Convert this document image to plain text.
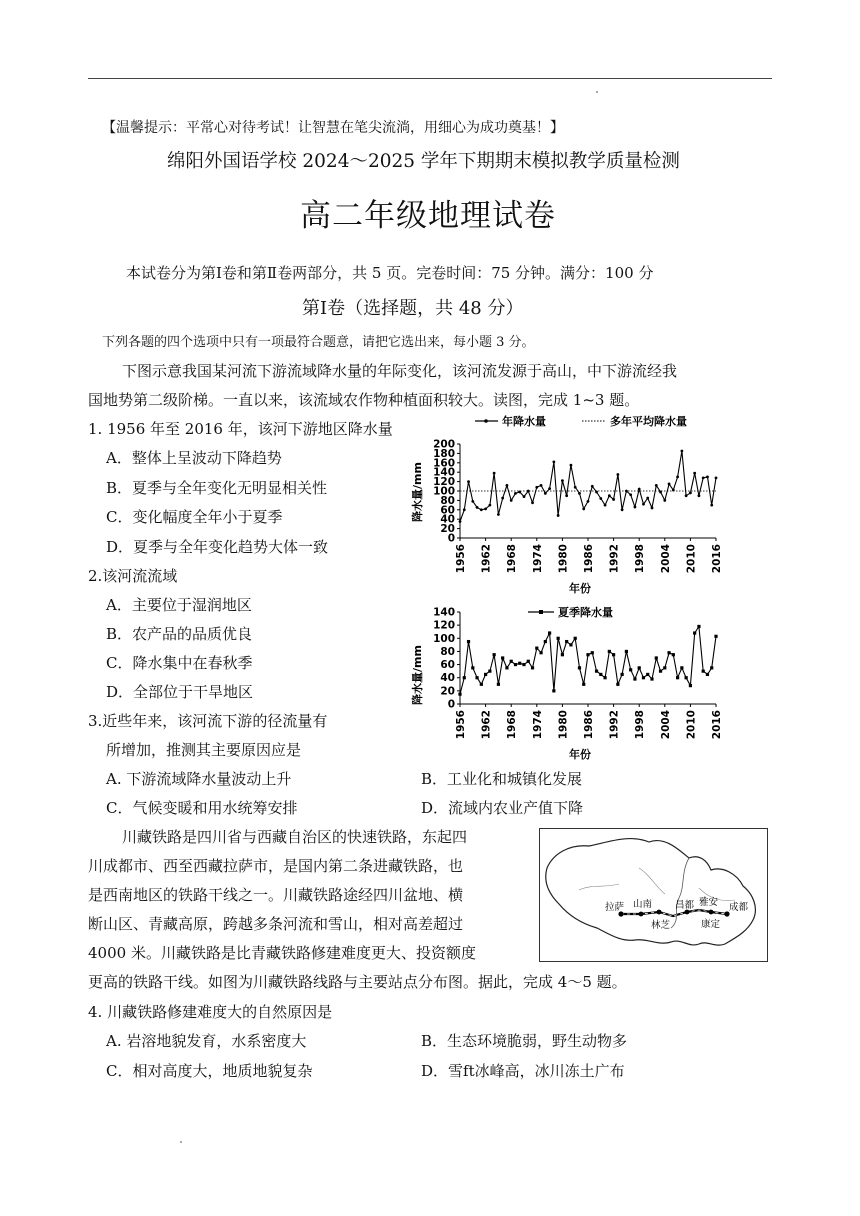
【温馨提示：平常心对待考试！让智慧在笔尖流淌，用细心为成功奠基！】
绵阳外国语学校 2024～2025 学年下期期末模拟教学质量检测
高二年级地理试卷
本试卷分为第Ⅰ卷和第Ⅱ卷两部分，共 5 页。完卷时间：75 分钟。满分：100 分
第Ⅰ卷（选择题，共 48 分）
下列各题的四个选项中只有一项最符合题意，请把它选出来，每小题 3 分。
下图示意我国某河流下游流域降水量的年际变化，该河流发源于高山，中下游流经我
国地势第二级阶梯。一直以来，该流域农作物种植面积较大。读图，完成 1~3 题。
1. 1956 年至 2016 年，该河下游地区降水量
A．整体上呈波动下降趋势
B．夏季与全年变化无明显相关性
C．变化幅度全年小于夏季
D．夏季与全年变化趋势大体一致
2.该河流流域
A．主要位于湿润地区
B．农产品的品质优良
C．降水集中在春秋季
D．全部位于干旱地区
3.近些年来，该河流下游的径流量有
所增加，推测其主要原因应是
A. 下游流域降水量波动上升	B．工业化和城镇化发展
C．气候变暖和用水统筹安排	D．流域内农业产值下降
川藏铁路是四川省与西藏自治区的快速铁路，东起四
川成都市、西至西藏拉萨市，是国内第二条进藏铁路，也
是西南地区的铁路干线之一。川藏铁路途经四川盆地、横
断山区、青藏高原，跨越多条河流和雪山，相对高差超过
4000 米。川藏铁路是比青藏铁路修建难度更大、投资额度
更高的铁路干线。如图为川藏铁路线路与主要站点分布图。据此，完成 4～5 题。
4. 川藏铁路修建难度大的自然原因是
A. 岩溶地貌发育，水系密度大	B．生态环境脆弱，野生动物多
C．相对高度大，地质地貌复杂	D．雪ft冰峰高，冰川冻土广布
年降水量	多年平均降水量
降水量/mm
年份
0
20
40
60
80
100
120
140
160
180
200
1956 1962 1968 1974 1980 1986 1992 1998 2004 2010 2016
夏季降水量
降水量/mm
年份
0
20
40
60
80
100
120
140
1956 1962 1968 1974 1980 1986 1992 1998 2004 2010 2016
拉萨 山南
林芝
昌都 雅安
康定
成都
